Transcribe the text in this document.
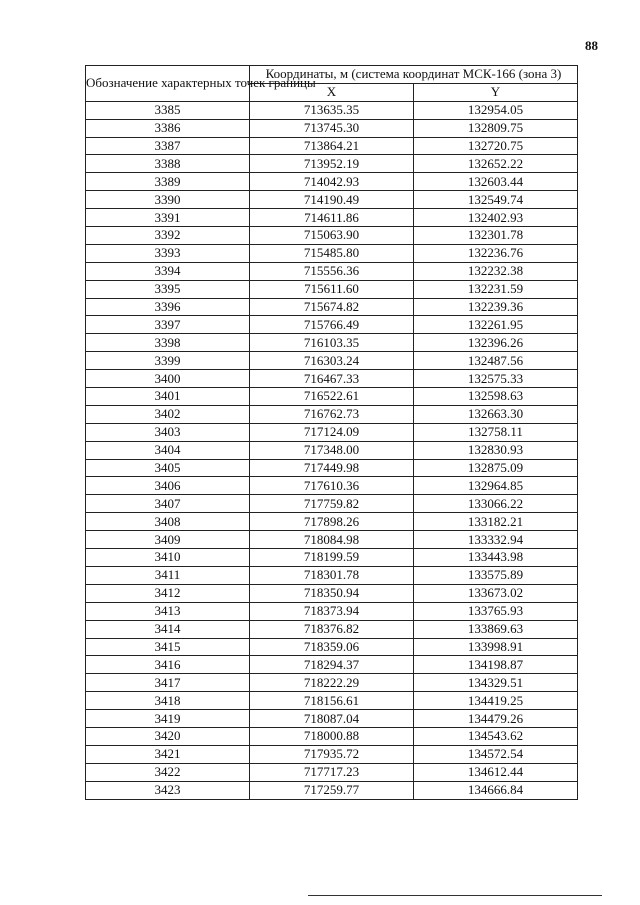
88
Обозначение характерных точек границы	Координаты, м (система координат МСК-166 (зона 3)	
	X	Y
3385	713635.35	132954.05
3386	713745.30	132809.75
3387	713864.21	132720.75
3388	713952.19	132652.22
3389	714042.93	132603.44
3390	714190.49	132549.74
3391	714611.86	132402.93
3392	715063.90	132301.78
3393	715485.80	132236.76
3394	715556.36	132232.38
3395	715611.60	132231.59
3396	715674.82	132239.36
3397	715766.49	132261.95
3398	716103.35	132396.26
3399	716303.24	132487.56
3400	716467.33	132575.33
3401	716522.61	132598.63
3402	716762.73	132663.30
3403	717124.09	132758.11
3404	717348.00	132830.93
3405	717449.98	132875.09
3406	717610.36	132964.85
3407	717759.82	133066.22
3408	717898.26	133182.21
3409	718084.98	133332.94
3410	718199.59	133443.98
3411	718301.78	133575.89
3412	718350.94	133673.02
3413	718373.94	133765.93
3414	718376.82	133869.63
3415	718359.06	133998.91
3416	718294.37	134198.87
3417	718222.29	134329.51
3418	718156.61	134419.25
3419	718087.04	134479.26
3420	718000.88	134543.62
3421	717935.72	134572.54
3422	717717.23	134612.44
3423	717259.77	134666.84
